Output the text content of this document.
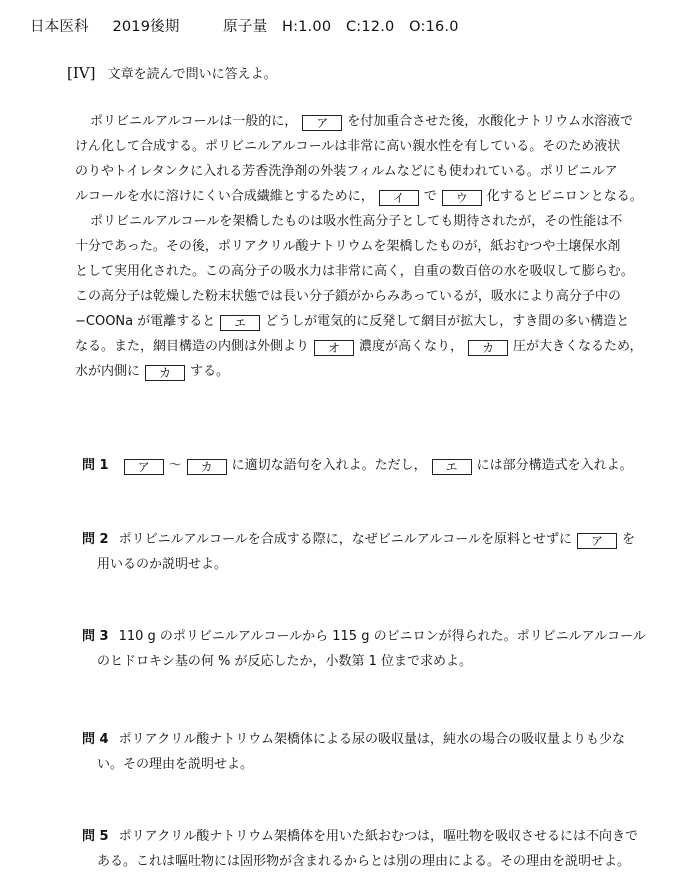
日本医科 2019後期	原子量　H:1.00　C:12.0　O:16.0
[IV] 文章を読んで問いに答えよ。
ポリビニルアルコールは一般的に， ア を付加重合させた後，水酸化ナトリウム水溶液で
けん化して合成する。ポリビニルアルコールは非常に高い親水性を有している。そのため液状
のりやトイレタンクに入れる芳香洗浄剤の外装フィルムなどにも使われている。ポリビニルア
ルコールを水に溶けにくい合成繊維とするために， イ で ウ 化するとビニロンとなる。
ポリビニルアルコールを架橋したものは吸水性高分子としても期待されたが，その性能は不
十分であった。その後，ポリアクリル酸ナトリウムを架橋したものが，紙おむつや土壌保水剤
として実用化された。この高分子の吸水力は非常に高く，自重の数百倍の水を吸収して膨らむ。
この高分子は乾燥した粉末状態では長い分子鎖がからみあっているが，吸水により高分子中の
−COONa が電離すると エ どうしが電気的に反発して網目が拡大し，すき間の多い構造と
なる。また，網目構造の内側は外側より オ 濃度が高くなり， カ 圧が大きくなるため，
水が内側に カ する。
問 1 ア 〜 カ に適切な語句を入れよ。ただし， エ には部分構造式を入れよ。
問 2 ポリビニルアルコールを合成する際に，なぜビニルアルコールを原料とせずに ア を
用いるのか説明せよ。
問 3 110 g のポリビニルアルコールから 115 g のビニロンが得られた。ポリビニルアルコール
のヒドロキシ基の何 % が反応したか，小数第 1 位まで求めよ。
問 4 ポリアクリル酸ナトリウム架橋体による尿の吸収量は，純水の場合の吸収量よりも少な
い。その理由を説明せよ。
問 5 ポリアクリル酸ナトリウム架橋体を用いた紙おむつは，嘔吐物を吸収させるには不向きで
ある。これは嘔吐物には固形物が含まれるからとは別の理由による。その理由を説明せよ。
